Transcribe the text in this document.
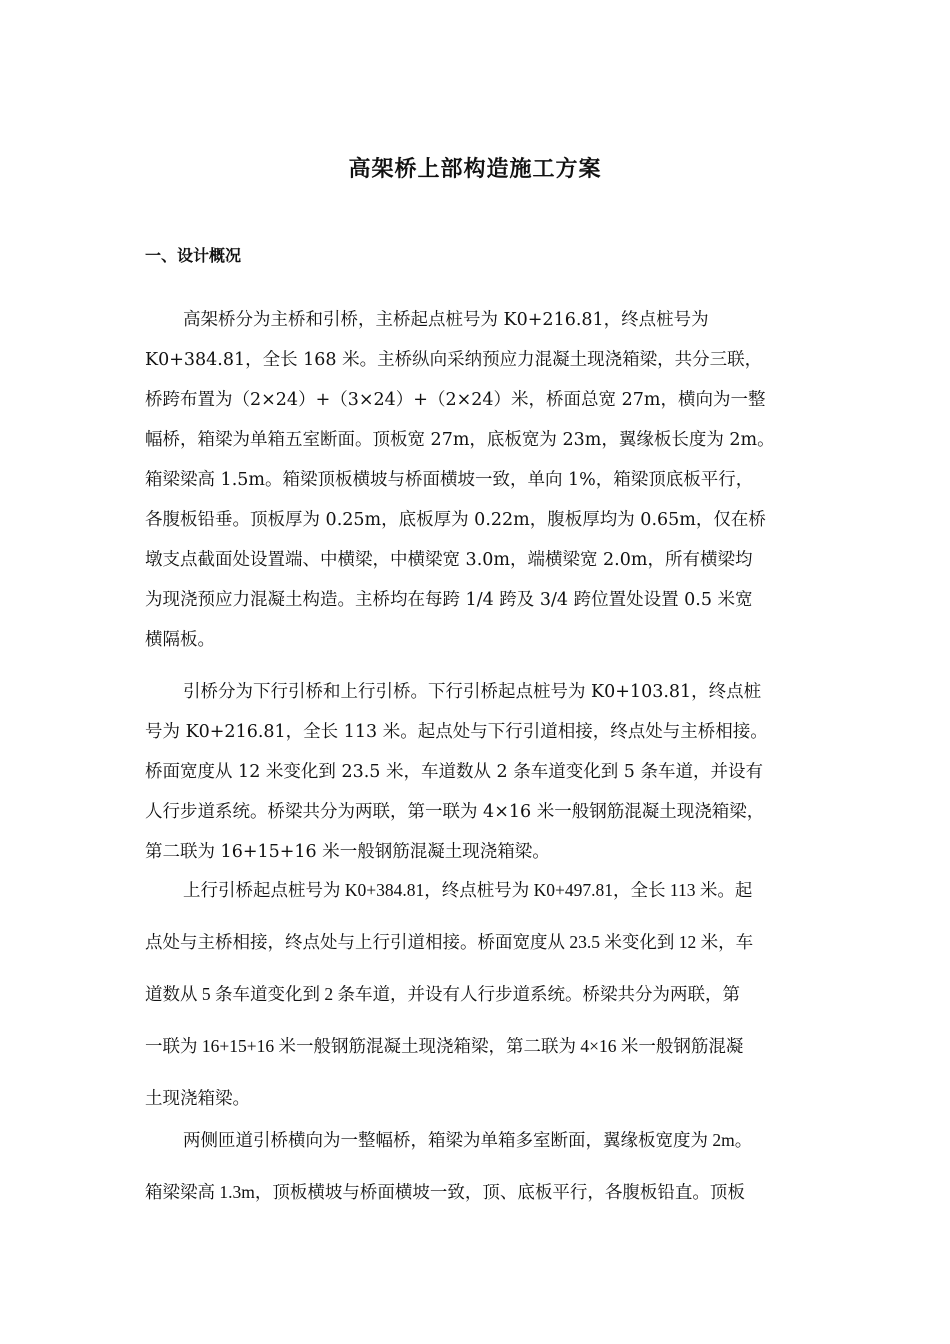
高架桥上部构造施工方案
一、设计概况
高架桥分为主桥和引桥，主桥起点桩号为 K0+216.81，终点桩号为
K0+384.81，全长 168 米。主桥纵向采纳预应力混凝土现浇箱梁，共分三联，
桥跨布置为（2×24）+（3×24）+（2×24）米，桥面总宽 27m，横向为一整
幅桥，箱梁为单箱五室断面。顶板宽 27m，底板宽为 23m，翼缘板长度为 2m。
箱梁梁高 1.5m。箱梁顶板横坡与桥面横坡一致，单向 1%，箱梁顶底板平行，
各腹板铅垂。顶板厚为 0.25m，底板厚为 0.22m，腹板厚均为 0.65m，仅在桥
墩支点截面处设置端、中横梁，中横梁宽 3.0m，端横梁宽 2.0m，所有横梁均
为现浇预应力混凝土构造。主桥均在每跨 1/4 跨及 3/4 跨位置处设置 0.5 米宽
横隔板。
引桥分为下行引桥和上行引桥。下行引桥起点桩号为 K0+103.81，终点桩
号为 K0+216.81，全长 113 米。起点处与下行引道相接，终点处与主桥相接。
桥面宽度从 12 米变化到 23.5 米，车道数从 2 条车道变化到 5 条车道，并设有
人行步道系统。桥梁共分为两联，第一联为 4×16 米一般钢筋混凝土现浇箱梁，
第二联为 16+15+16 米一般钢筋混凝土现浇箱梁。
上行引桥起点桩号为 K0+384.81，终点桩号为 K0+497.81，全长 113 米。起
点处与主桥相接，终点处与上行引道相接。桥面宽度从 23.5 米变化到 12 米，车
道数从 5 条车道变化到 2 条车道，并设有人行步道系统。桥梁共分为两联，第
一联为 16+15+16 米一般钢筋混凝土现浇箱梁，第二联为 4×16 米一般钢筋混凝
土现浇箱梁。
两侧匝道引桥横向为一整幅桥，箱梁为单箱多室断面，翼缘板宽度为 2m。
箱梁梁高 1.3m，顶板横坡与桥面横坡一致，顶、底板平行，各腹板铅直。顶板
